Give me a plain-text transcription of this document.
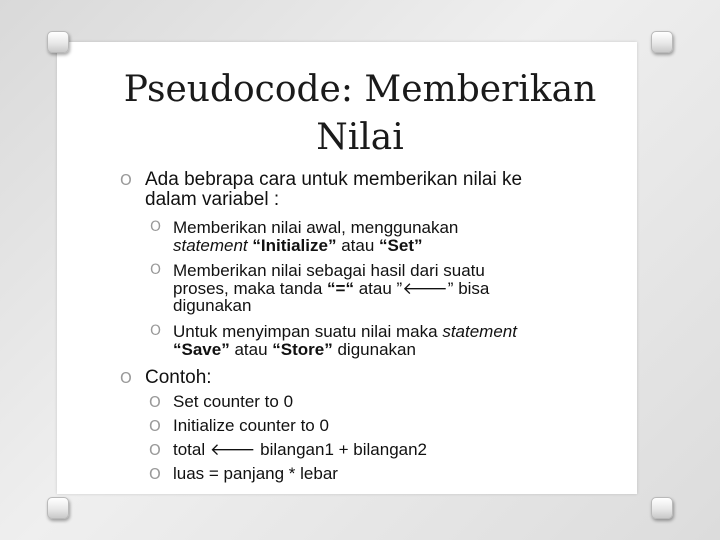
Pseudocode: Memberikan
Nilai
O Ada bebrapa cara untuk memberikan nilai ke
dalam variabel :
O Memberikan nilai awal, menggunakan
statement “Initialize” atau “Set”
O Memberikan nilai sebagai hasil dari suatu
proses, maka tanda “=“ atau ”🡐” bisa
digunakan
O Untuk menyimpan suatu nilai maka statement
“Save” atau “Store” digunakan
O Contoh:
O Set counter to 0
O Initialize counter to 0
O total 🡐 bilangan1 + bilangan2
O luas = panjang * lebar
